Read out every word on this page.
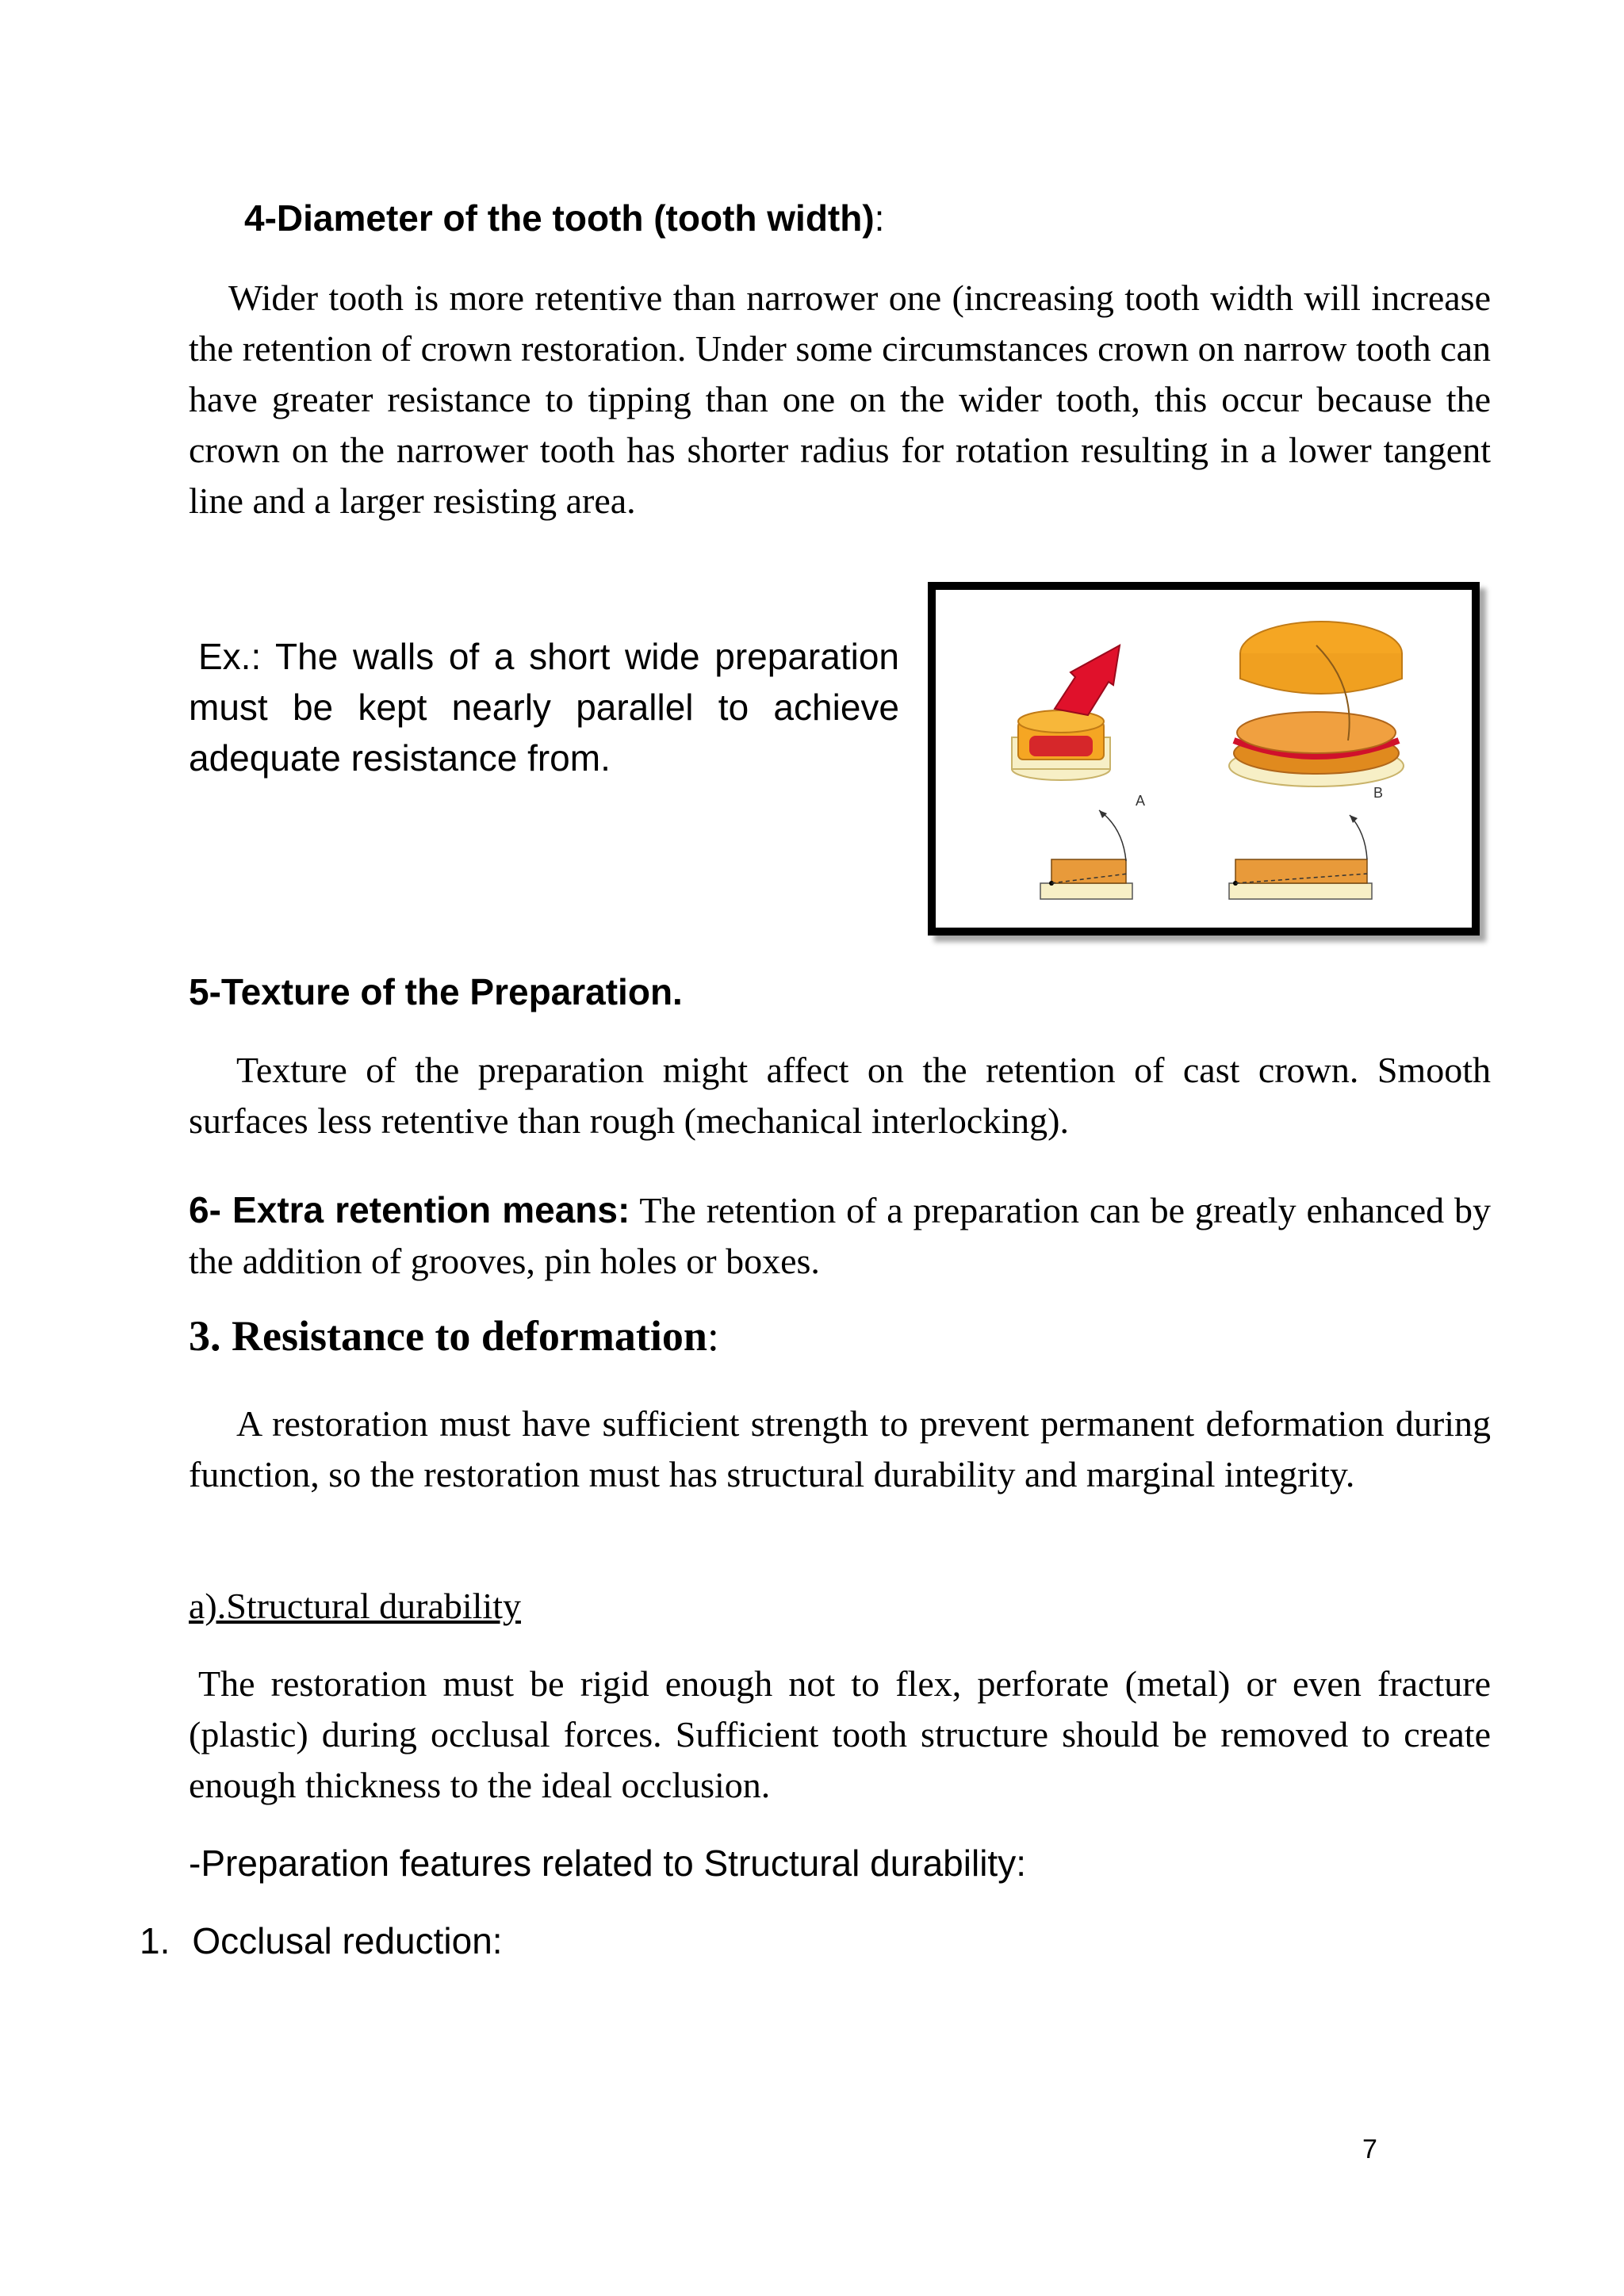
4-Diameter of the tooth (tooth width):
Wider tooth is more retentive than narrower one (increasing tooth width will increase the retention of crown restoration. Under some circumstances crown on narrow tooth can have greater resistance to tipping than one on the wider tooth, this occur because the crown on the narrower tooth has shorter radius for rotation resulting in a lower tangent line and a larger resisting area.
Ex.: The walls of a short wide preparation must be kept nearly parallel to achieve adequate resistance from.
A	B
5-Texture of the Preparation.
Texture of the preparation might affect on the retention of cast crown. Smooth surfaces less retentive than rough (mechanical interlocking).
6- Extra retention means: The retention of a preparation can be greatly enhanced by the addition of grooves, pin holes or boxes.
3. Resistance to deformation:
A restoration must have sufficient strength to prevent permanent deformation during function, so the restoration must has structural durability and marginal integrity.
a).Structural durability
The restoration must be rigid enough not to flex, perforate (metal) or even fracture (plastic) during occlusal forces. Sufficient tooth structure should be removed to create enough thickness to the ideal occlusion.
-Preparation features related to Structural durability:
1. Occlusal reduction:
7
